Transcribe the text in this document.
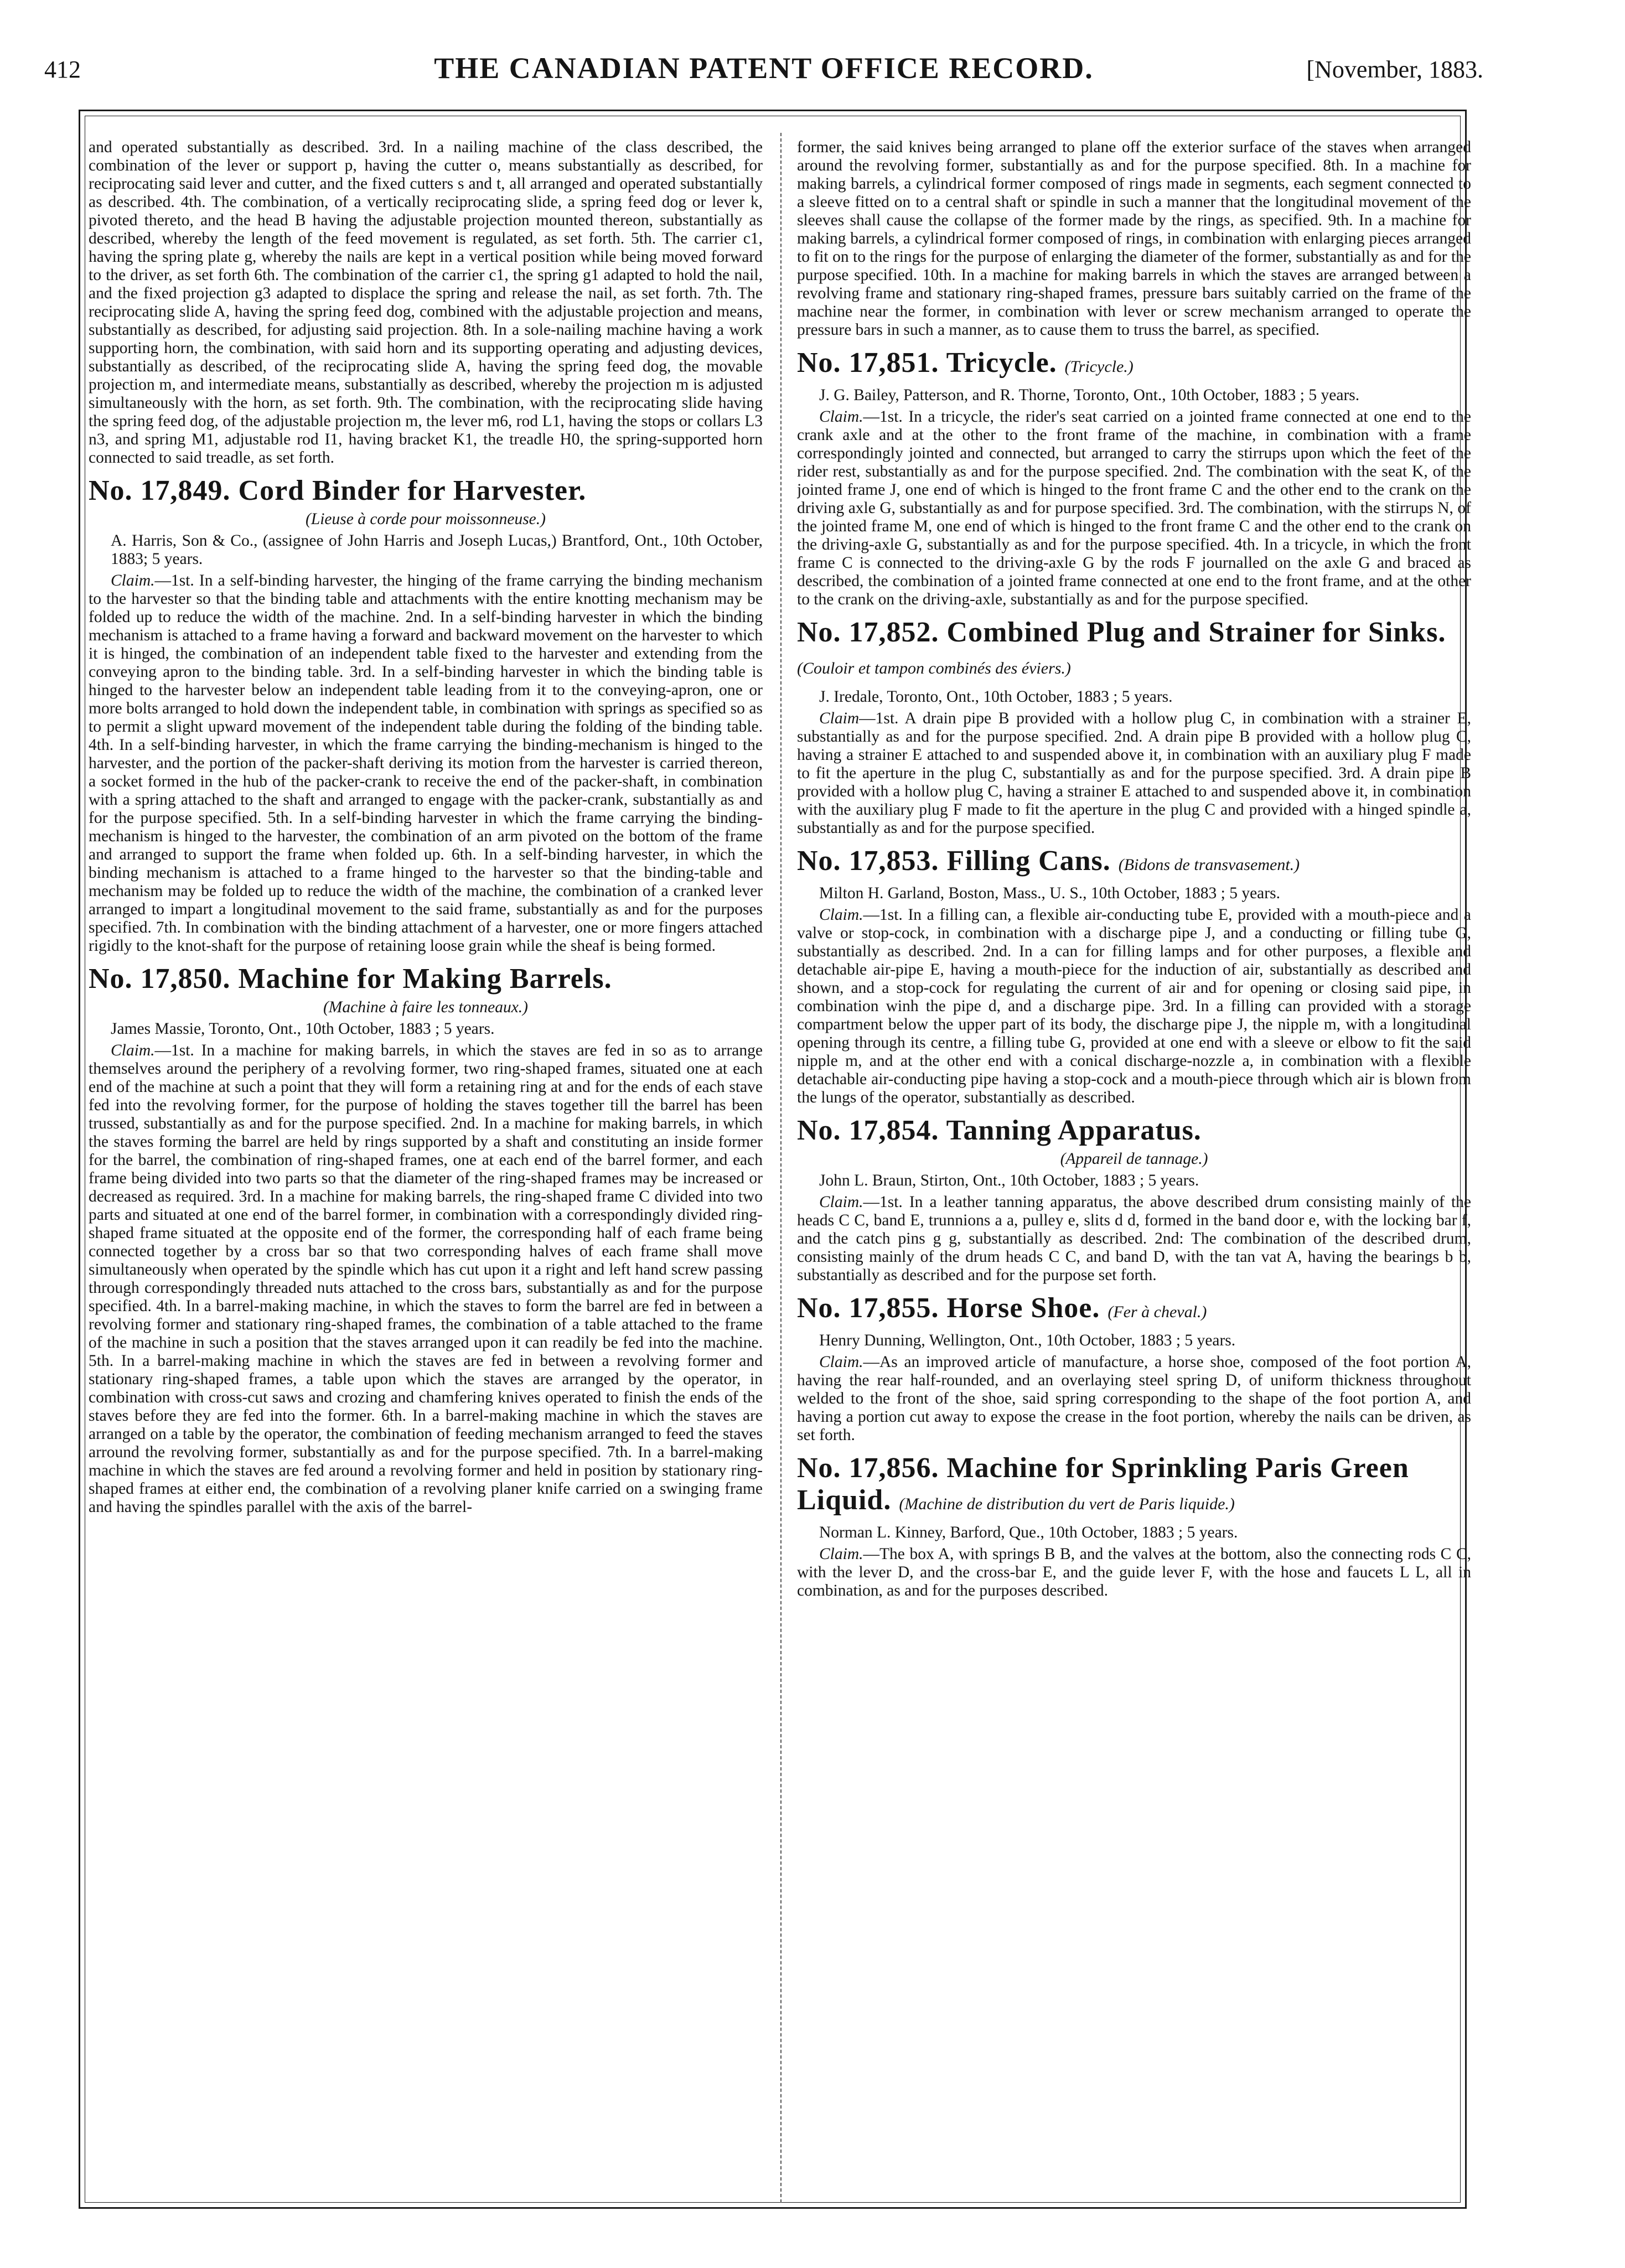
412	THE CANADIAN PATENT OFFICE RECORD.	[November, 1883.

and operated substantially as described. 3rd. In a nailing machine of the class described, the combination of the lever or support p, having the cutter o, means substantially as described, for reciprocating said lever and cutter, and the fixed cutters s and t, all arranged and operated substantially as described. 4th. The combination, of a vertically reciprocating slide, a spring feed dog or lever k, pivoted thereto, and the head B having the adjustable projection mounted thereon, substantially as described, whereby the length of the feed movement is regulated, as set forth. 5th. The carrier c1, having the spring plate g, whereby the nails are kept in a vertical position while being moved forward to the driver, as set forth 6th. The combination of the carrier c1, the spring g1 adapted to hold the nail, and the fixed projection g3 adapted to displace the spring and release the nail, as set forth. 7th. The reciprocating slide A, having the spring feed dog, combined with the adjustable projection and means, substantially as described, for adjusting said projection. 8th. In a sole-nailing machine having a work supporting horn, the combination, with said horn and its supporting operating and adjusting devices, substantially as described, of the reciprocating slide A, having the spring feed dog, the movable projection m, and intermediate means, substantially as described, whereby the projection m is adjusted simultaneously with the horn, as set forth. 9th. The combination, with the reciprocating slide having the spring feed dog, of the adjustable projection m, the lever m6, rod L1, having the stops or collars L3 n3, and spring M1, adjustable rod I1, having bracket K1, the treadle H0, the spring-supported horn connected to said treadle, as set forth.

No. 17,849. Cord Binder for Harvester.
(Lieuse à corde pour moissonneuse.)
A. Harris, Son & Co., (assignee of John Harris and Joseph Lucas,) Brantford, Ont., 10th October, 1883; 5 years.

Claim.—1st. In a self-binding harvester, the hinging of the frame carrying the binding mechanism to the harvester so that the binding table and attachments with the entire knotting mechanism may be folded up to reduce the width of the machine. 2nd. In a self-binding harvester in which the binding mechanism is attached to a frame having a forward and backward movement on the harvester to which it is hinged, the combination of an independent table fixed to the harvester and extending from the conveying apron to the binding table. 3rd. In a self-binding harvester in which the binding table is hinged to the harvester below an independent table leading from it to the conveying-apron, one or more bolts arranged to hold down the independent table, in combination with springs as specified so as to permit a slight upward movement of the independent table during the folding of the binding table. 4th. In a self-binding harvester, in which the frame carrying the binding-mechanism is hinged to the harvester, and the portion of the packer-shaft deriving its motion from the harvester is carried thereon, a socket formed in the hub of the packer-crank to receive the end of the packer-shaft, in combination with a spring attached to the shaft and arranged to engage with the packer-crank, substantially as and for the purpose specified. 5th. In a self-binding harvester in which the frame carrying the binding-mechanism is hinged to the harvester, the combination of an arm pivoted on the bottom of the frame and arranged to support the frame when folded up. 6th. In a self-binding harvester, in which the binding mechanism is attached to a frame hinged to the harvester so that the binding-table and mechanism may be folded up to reduce the width of the machine, the combination of a cranked lever arranged to impart a longitudinal movement to the said frame, substantially as and for the purposes specified. 7th. In combination with the binding attachment of a harvester, one or more fingers attached rigidly to the knot-shaft for the purpose of retaining loose grain while the sheaf is being formed.

No. 17,850. Machine for Making Barrels.
(Machine à faire les tonneaux.)
James Massie, Toronto, Ont., 10th October, 1883 ; 5 years.

Claim.—1st. In a machine for making barrels, in which the staves are fed in so as to arrange themselves around the periphery of a revolving former, two ring-shaped frames, situated one at each end of the machine at such a point that they will form a retaining ring at and for the ends of each stave fed into the revolving former, for the purpose of holding the staves together till the barrel has been trussed, substantially as and for the purpose specified. 2nd. In a machine for making barrels, in which the staves forming the barrel are held by rings supported by a shaft and constituting an inside former for the barrel, the combination of ring-shaped frames, one at each end of the barrel former, and each frame being divided into two parts so that the diameter of the ring-shaped frames may be increased or decreased as required. 3rd. In a machine for making barrels, the ring-shaped frame C divided into two parts and situated at one end of the barrel former, in combination with a correspondingly divided ring-shaped frame situated at the opposite end of the former, the corresponding half of each frame being connected together by a cross bar so that two corresponding halves of each frame shall move simultaneously when operated by the spindle which has cut upon it a right and left hand screw passing through correspondingly threaded nuts attached to the cross bars, substantially as and for the purpose specified. 4th. In a barrel-making machine, in which the staves to form the barrel are fed in between a revolving former and stationary ring-shaped frames, the combination of a table attached to the frame of the machine in such a position that the staves arranged upon it can readily be fed into the machine. 5th. In a barrel-making machine in which the staves are fed in between a revolving former and stationary ring-shaped frames, a table upon which the staves are arranged by the operator, in combination with cross-cut saws and crozing and chamfering knives operated to finish the ends of the staves before they are fed into the former. 6th. In a barrel-making machine in which the staves are arranged on a table by the operator, the combination of feeding mechanism arranged to feed the staves arround the revolving former, substantially as and for the purpose specified. 7th. In a barrel-making machine in which the staves are fed around a revolving former and held in position by stationary ring-shaped frames at either end, the combination of a revolving planer knife carried on a swinging frame and having the spindles parallel with the axis of the barrel-

former, the said knives being arranged to plane off the exterior surface of the staves when arranged around the revolving former, substantially as and for the purpose specified. 8th. In a machine for making barrels, a cylindrical former composed of rings made in segments, each segment connected to a sleeve fitted on to a central shaft or spindle in such a manner that the longitudinal movement of the sleeves shall cause the collapse of the former made by the rings, as specified. 9th. In a machine for making barrels, a cylindrical former composed of rings, in combination with enlarging pieces arranged to fit on to the rings for the purpose of enlarging the diameter of the former, substantially as and for the purpose specified. 10th. In a machine for making barrels in which the staves are arranged between a revolving frame and stationary ring-shaped frames, pressure bars suitably carried on the frame of the machine near the former, in combination with lever or screw mechanism arranged to operate the pressure bars in such a manner, as to cause them to truss the barrel, as specified.

No. 17,851. Tricycle. (Tricycle.)
J. G. Bailey, Patterson, and R. Thorne, Toronto, Ont., 10th October, 1883 ; 5 years.

Claim.—1st. In a tricycle, the rider's seat carried on a jointed frame connected at one end to the crank axle and at the other to the front frame of the machine, in combination with a frame correspondingly jointed and connected, but arranged to carry the stirrups upon which the feet of the rider rest, substantially as and for the purpose specified. 2nd. The combination with the seat K, of the jointed frame J, one end of which is hinged to the front frame C and the other end to the crank on the driving axle G, substantially as and for purpose specified. 3rd. The combination, with the stirrups N, of the jointed frame M, one end of which is hinged to the front frame C and the other end to the crank on the driving-axle G, substantially as and for the purpose specified. 4th. In a tricycle, in which the front frame C is connected to the driving-axle G by the rods F journalled on the axle G and braced as described, the combination of a jointed frame connected at one end to the front frame, and at the other to the crank on the driving-axle, substantially as and for the purpose specified.

No. 17,852. Combined Plug and Strainer for Sinks. (Couloir et tampon combinés des éviers.)
J. Iredale, Toronto, Ont., 10th October, 1883 ; 5 years.

Claim—1st. A drain pipe B provided with a hollow plug C, in combination with a strainer E, substantially as and for the purpose specified. 2nd. A drain pipe B provided with a hollow plug C, having a strainer E attached to and suspended above it, in combination with an auxiliary plug F made to fit the aperture in the plug C, substantially as and for the purpose specified. 3rd. A drain pipe B provided with a hollow plug C, having a strainer E attached to and suspended above it, in combination with the auxiliary plug F made to fit the aperture in the plug C and provided with a hinged spindle a, substantially as and for the purpose specified.

No. 17,853. Filling Cans. (Bidons de transvasement.)
Milton H. Garland, Boston, Mass., U. S., 10th October, 1883 ; 5 years.

Claim.—1st. In a filling can, a flexible air-conducting tube E, provided with a mouth-piece and a valve or stop-cock, in combination with a discharge pipe J, and a conducting or filling tube G, substantially as described. 2nd. In a can for filling lamps and for other purposes, a flexible and detachable air-pipe E, having a mouth-piece for the induction of air, substantially as described and shown, and a stop-cock for regulating the current of air and for opening or closing said pipe, in combination winh the pipe d, and a discharge pipe. 3rd. In a filling can provided with a storage compartment below the upper part of its body, the discharge pipe J, the nipple m, with a longitudinal opening through its centre, a filling tube G, provided at one end with a sleeve or elbow to fit the said nipple m, and at the other end with a conical discharge-nozzle a, in combination with a flexible detachable air-conducting pipe having a stop-cock and a mouth-piece through which air is blown from the lungs of the operator, substantially as described.

No. 17,854. Tanning Apparatus.
(Appareil de tannage.)
John L. Braun, Stirton, Ont., 10th October, 1883 ; 5 years.

Claim.—1st. In a leather tanning apparatus, the above described drum consisting mainly of the heads C C, band E, trunnions a a, pulley e, slits d d, formed in the band door e, with the locking bar f, and the catch pins g g, substantially as described. 2nd: The combination of the described drum, consisting mainly of the drum heads C C, and band D, with the tan vat A, having the bearings b b, substantially as described and for the purpose set forth.

No. 17,855. Horse Shoe. (Fer à cheval.)
Henry Dunning, Wellington, Ont., 10th October, 1883 ; 5 years.

Claim.—As an improved article of manufacture, a horse shoe, composed of the foot portion A, having the rear half-rounded, and an overlaying steel spring D, of uniform thickness throughout welded to the front of the shoe, said spring corresponding to the shape of the foot portion A, and having a portion cut away to expose the crease in the foot portion, whereby the nails can be driven, as set forth.

No. 17,856. Machine for Sprinkling Paris Green Liquid. (Machine de distribution du vert de Paris liquide.)
Norman L. Kinney, Barford, Que., 10th October, 1883 ; 5 years.

Claim.—The box A, with springs B B, and the valves at the bottom, also the connecting rods C C, with the lever D, and the cross-bar E, and the guide lever F, with the hose and faucets L L, all in combination, as and for the purposes described.
